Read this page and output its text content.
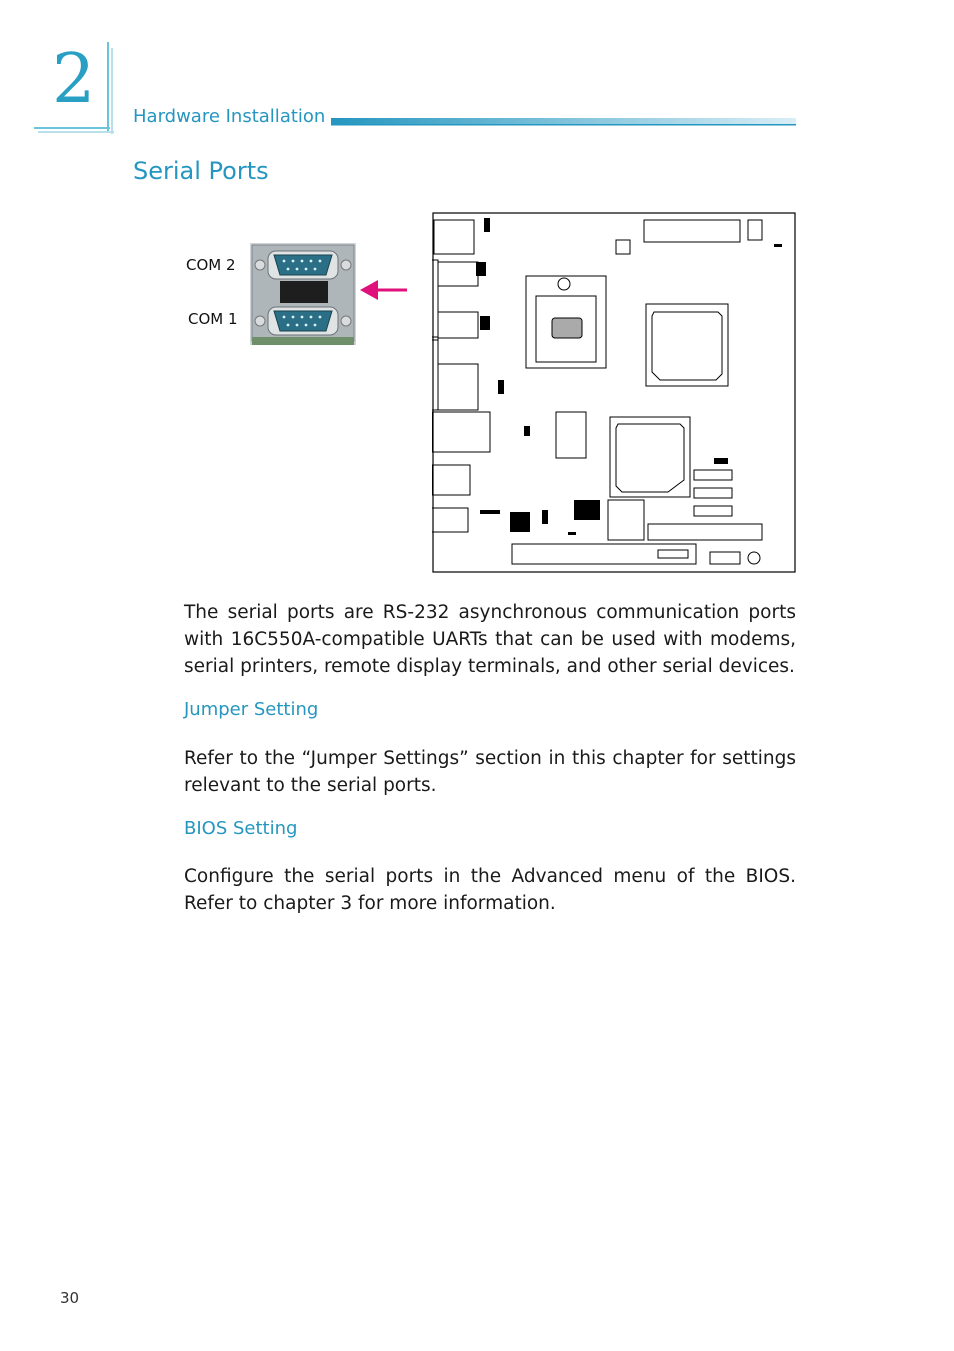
2 Hardware Installation
Serial Ports
COM 2
COM 1
The serial ports are RS-232 asynchronous communication ports with 16C550A-compatible UARTs that can be used with modems, serial printers, remote display terminals, and other serial devices.
Jumper Setting
Refer to the “Jumper Settings” section in this chapter for settings relevant to the serial ports.
BIOS Setting
Configure the serial ports in the Advanced menu of the BIOS. Refer to chapter 3 for more information.
30
